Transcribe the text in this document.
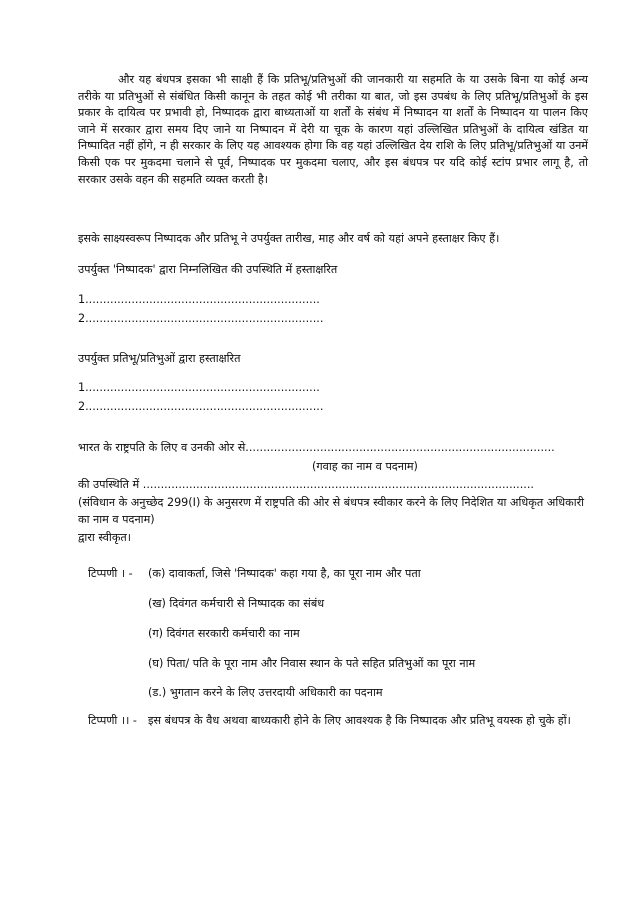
और यह बंधपत्र इसका भी साक्षी हैं कि प्रतिभू/प्रतिभुओं की जानकारी या सहमति के या उसके बिना या कोई अन्य तरीके या प्रतिभुओं से संबंधित किसी कानून के तहत कोई भी तरीका या बात, जो इस उपबंध के लिए प्रतिभू/प्रतिभुओं के इस प्रकार के दायित्व पर प्रभावी हो, निष्पादक द्वारा बाध्यताओं या शर्तों के संबंध में निष्पादन या शर्तों के निष्पादन या पालन किए जाने में सरकार द्वारा समय दिए जाने या निष्पादन में देरी या चूक के कारण यहां उल्लिखित प्रतिभुओं के दायित्व खंडित या निष्पादित नहीं होंगे, न ही सरकार के लिए यह आवश्यक होगा कि वह यहां उल्लिखित देय राशि के लिए प्रतिभू/प्रतिभुओं या उनमें किसी एक पर मुकदमा चलाने से पूर्व, निष्पादक पर मुकदमा चलाए, और इस बंधपत्र पर यदि कोई स्टांप प्रभार लागू है, तो सरकार उसके वहन की सहमति व्यक्त करती है।

इसके साक्ष्यस्वरूप निष्पादक और प्रतिभू ने उपर्युक्त तारीख, माह और वर्ष को यहां अपने हस्ताक्षर किए हैं।
उपर्युक्त 'निष्पादक' द्वारा निम्नलिखित की उपस्थिति में हस्ताक्षरित
1..................................................................
2...................................................................
उपर्युक्त प्रतिभू/प्रतिभुओं द्वारा हस्ताक्षरित
1..................................................................
2...................................................................
भारत के राष्ट्रपति के लिए व उनकी ओर से.......................................................................................
(गवाह का नाम व पदनाम)
की उपस्थिति में ..............................................................................................................
(संविधान के अनुच्छेद 299(I) के अनुसरण में राष्ट्रपति की ओर से बंधपत्र स्वीकार करने के लिए निदेशित या अधिकृत अधिकारी का नाम व पदनाम)
द्वारा स्वीकृत।
टिप्पणी । - (क) दावाकर्ता, जिसे 'निष्पादक' कहा गया है, का पूरा नाम और पता
(ख) दिवंगत कर्मचारी से निष्पादक का संबंध
(ग) दिवंगत सरकारी कर्मचारी का नाम
(घ) पिता/ पति के पूरा नाम और निवास स्थान के पते सहित प्रतिभुओं का पूरा नाम
(ड.) भुगतान करने के लिए उत्तरदायी अधिकारी का पदनाम
टिप्पणी ।। - इस बंधपत्र के वैध अथवा बाध्यकारी होने के लिए आवश्यक है कि निष्पादक और प्रतिभू वयस्क हो चुके हों।
